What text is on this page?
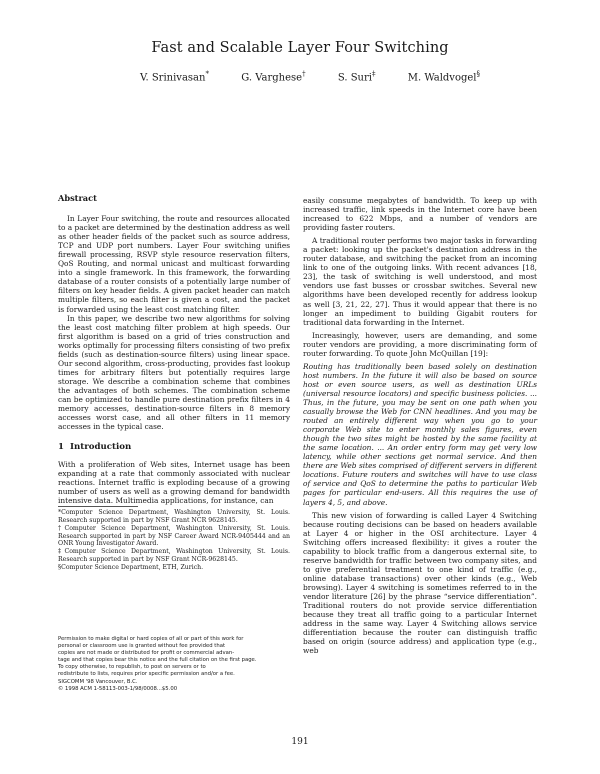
Fast and Scalable Layer Four Switching
V. Srinivasan*	G. Varghese†	S. Suri‡	M. Waldvogel§
Abstract

In Layer Four switching, the route and resources allocated to a packet are determined by the destination address as well as other header fields of the packet such as source address, TCP and UDP port numbers. Layer Four switching unifies firewall processing, RSVP style resource reservation filters, QoS Routing, and normal unicast and multicast forwarding into a single framework. In this framework, the forwarding database of a router consists of a potentially large number of filters on key header fields. A given packet header can match multiple filters, so each filter is given a cost, and the packet is forwarded using the least cost matching filter.

In this paper, we describe two new algorithms for solving the least cost matching filter problem at high speeds. Our first algorithm is based on a grid of tries construction and works optimally for processing filters consisting of two prefix fields (such as destination-source filters) using linear space. Our second algorithm, cross-producting, provides fast lookup times for arbitrary filters but potentially requires large storage. We describe a combination scheme that combines the advantages of both schemes. The combination scheme can be optimized to handle pure destination prefix filters in 4 memory accesses, destination-source filters in 8 memory accesses worst case, and all other filters in 11 memory accesses in the typical case.

1 Introduction

With a proliferation of Web sites, Internet usage has been expanding at a rate that commonly associated with nuclear reactions. Internet traffic is exploding because of a growing number of users as well as a growing demand for bandwidth intensive data. Multimedia applications, for instance, can

*Computer Science Department, Washington University, St. Louis. Research supported in part by NSF Grant NCR 9628145.

†Computer Science Department, Washington University, St. Louis. Research supported in part by NSF Career Award NCR-9405444 and an ONR Young Investigator Award.

‡Computer Science Department, Washington University, St. Louis. Research supported in part by NSF Grant NCR-9628145.

§Computer Science Department, ETH, Zurich.

Permission to make digital or hard copies of all or part of this work for
personal or classroom use is granted without fee provided that
copies are not made or distributed for profit or commercial advan-
tage and that copies bear this notice and the full citation on the first page.
To copy otherwise, to republish, to post on servers or to
redistribute to lists, requires prior specific permission and/or a fee.
SIGCOMM '98 Vancouver, B.C.
© 1998 ACM 1-58113-003-1/98/0008...$5.00

easily consume megabytes of bandwidth. To keep up with increased traffic, link speeds in the Internet core have been increased to 622 Mbps, and a number of vendors are providing faster routers.

A traditional router performs two major tasks in forwarding a packet: looking up the packet's destination address in the router database, and switching the packet from an incoming link to one of the outgoing links. With recent advances [18, 23], the task of switching is well understood, and most vendors use fast busses or crossbar switches. Several new algorithms have been developed recently for address lookup as well [3, 21, 22, 27]. Thus it would appear that there is no longer an impediment to building Gigabit routers for traditional data forwarding in the Internet.

Increasingly, however, users are demanding, and some router vendors are providing, a more discriminating form of router forwarding. To quote John McQuillan [19]:

Routing has traditionally been based solely on destination host numbers. In the future it will also be based on source host or even source users, as well as destination URLs (universal resource locators) and specific business policies. ... Thus, in the future, you may be sent on one path when you casually browse the Web for CNN headlines. And you may be routed an entirely different way when you go to your corporate Web site to enter monthly sales figures, even though the two sites might be hosted by the same facility at the same location. ... An order entry form may get very low latency, while other sections get normal service. And then there are Web sites comprised of different servers in different locations. Future routers and switches will have to use class of service and QoS to determine the paths to particular Web pages for particular end-users. All this requires the use of layers 4, 5, and above.

This new vision of forwarding is called Layer 4 Switching because routing decisions can be based on headers available at Layer 4 or higher in the OSI architecture. Layer 4 Switching offers increased flexibility: it gives a router the capability to block traffic from a dangerous external site, to reserve bandwidth for traffic between two company sites, and to give preferential treatment to one kind of traffic (e.g., online database transactions) over other kinds (e.g., Web browsing). Layer 4 switching is sometimes referred to in the vendor literature [26] by the phrase “service differentiation”. Traditional routers do not provide service differentiation because they treat all traffic going to a particular Internet address in the same way. Layer 4 Switching allows service differentiation because the router can distinguish traffic based on origin (source address) and application type (e.g., web

191
